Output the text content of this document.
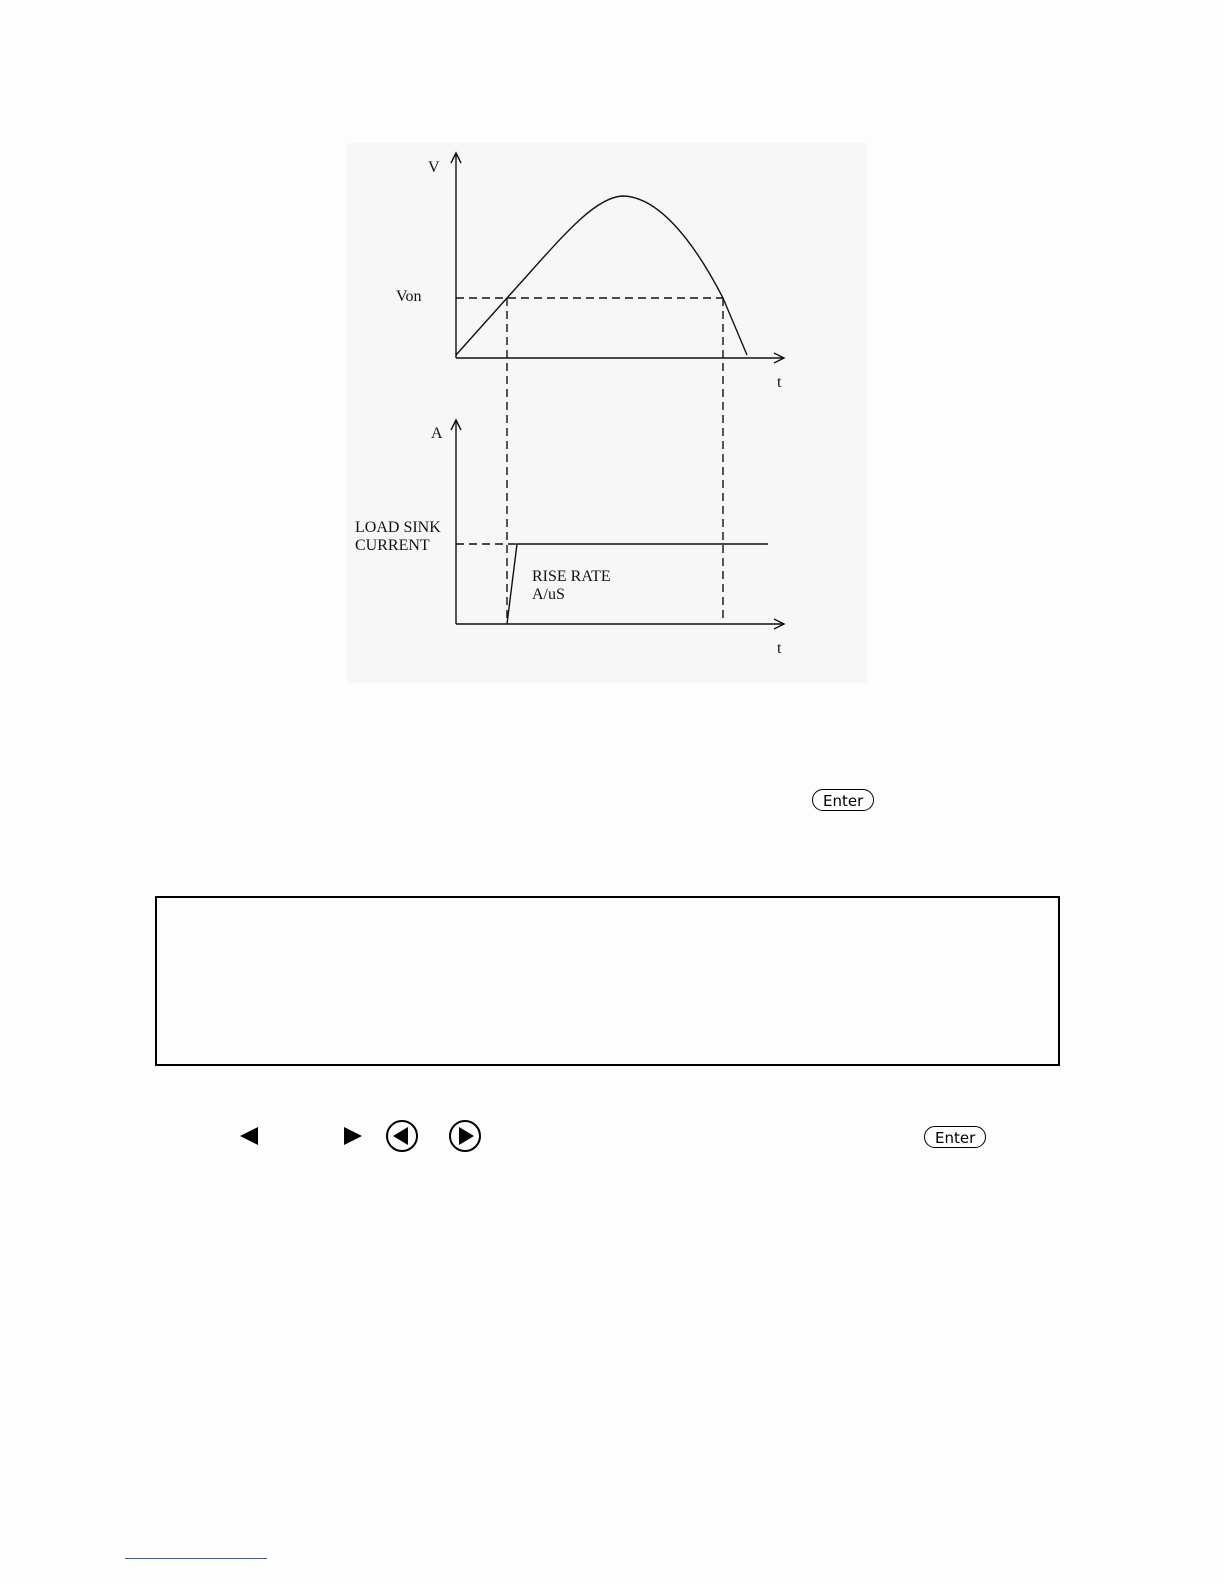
V
Von
t
A
LOAD SINK
CURRENT
RISE RATE
A/uS
t
Enter
Enter
